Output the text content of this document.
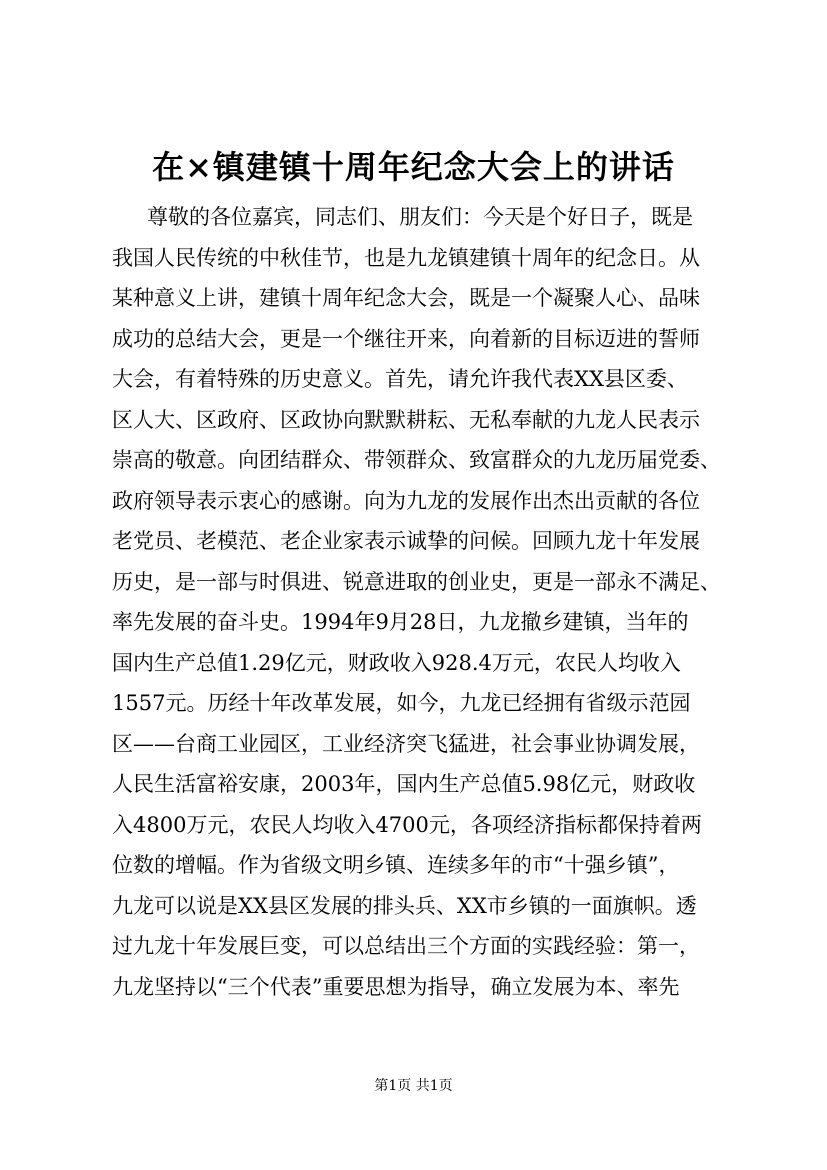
在×镇建镇十周年纪念大会上的讲话
尊敬的各位嘉宾，同志们、朋友们：今天是个好日子，既是
我国人民传统的中秋佳节，也是九龙镇建镇十周年的纪念日。从
某种意义上讲，建镇十周年纪念大会，既是一个凝聚人心、品味
成功的总结大会，更是一个继往开来，向着新的目标迈进的誓师
大会，有着特殊的历史意义。首先，请允许我代表XX县区委、
区人大、区政府、区政协向默默耕耘、无私奉献的九龙人民表示
崇高的敬意。向团结群众、带领群众、致富群众的九龙历届党委、
政府领导表示衷心的感谢。向为九龙的发展作出杰出贡献的各位
老党员、老模范、老企业家表示诚挚的问候。回顾九龙十年发展
历史，是一部与时俱进、锐意进取的创业史，更是一部永不满足、
率先发展的奋斗史。1994年9月28日，九龙撤乡建镇，当年的
国内生产总值1.29亿元，财政收入928.4万元，农民人均收入
1557元。历经十年改革发展，如今，九龙已经拥有省级示范园
区——台商工业园区，工业经济突飞猛进，社会事业协调发展，
人民生活富裕安康，2003年，国内生产总值5.98亿元，财政收
入4800万元，农民人均收入4700元，各项经济指标都保持着两
位数的增幅。作为省级文明乡镇、连续多年的市“十强乡镇”，
九龙可以说是XX县区发展的排头兵、XX市乡镇的一面旗帜。透
过九龙十年发展巨变，可以总结出三个方面的实践经验：第一，
九龙坚持以“三个代表”重要思想为指导，确立发展为本、率先
第1页 共1页
